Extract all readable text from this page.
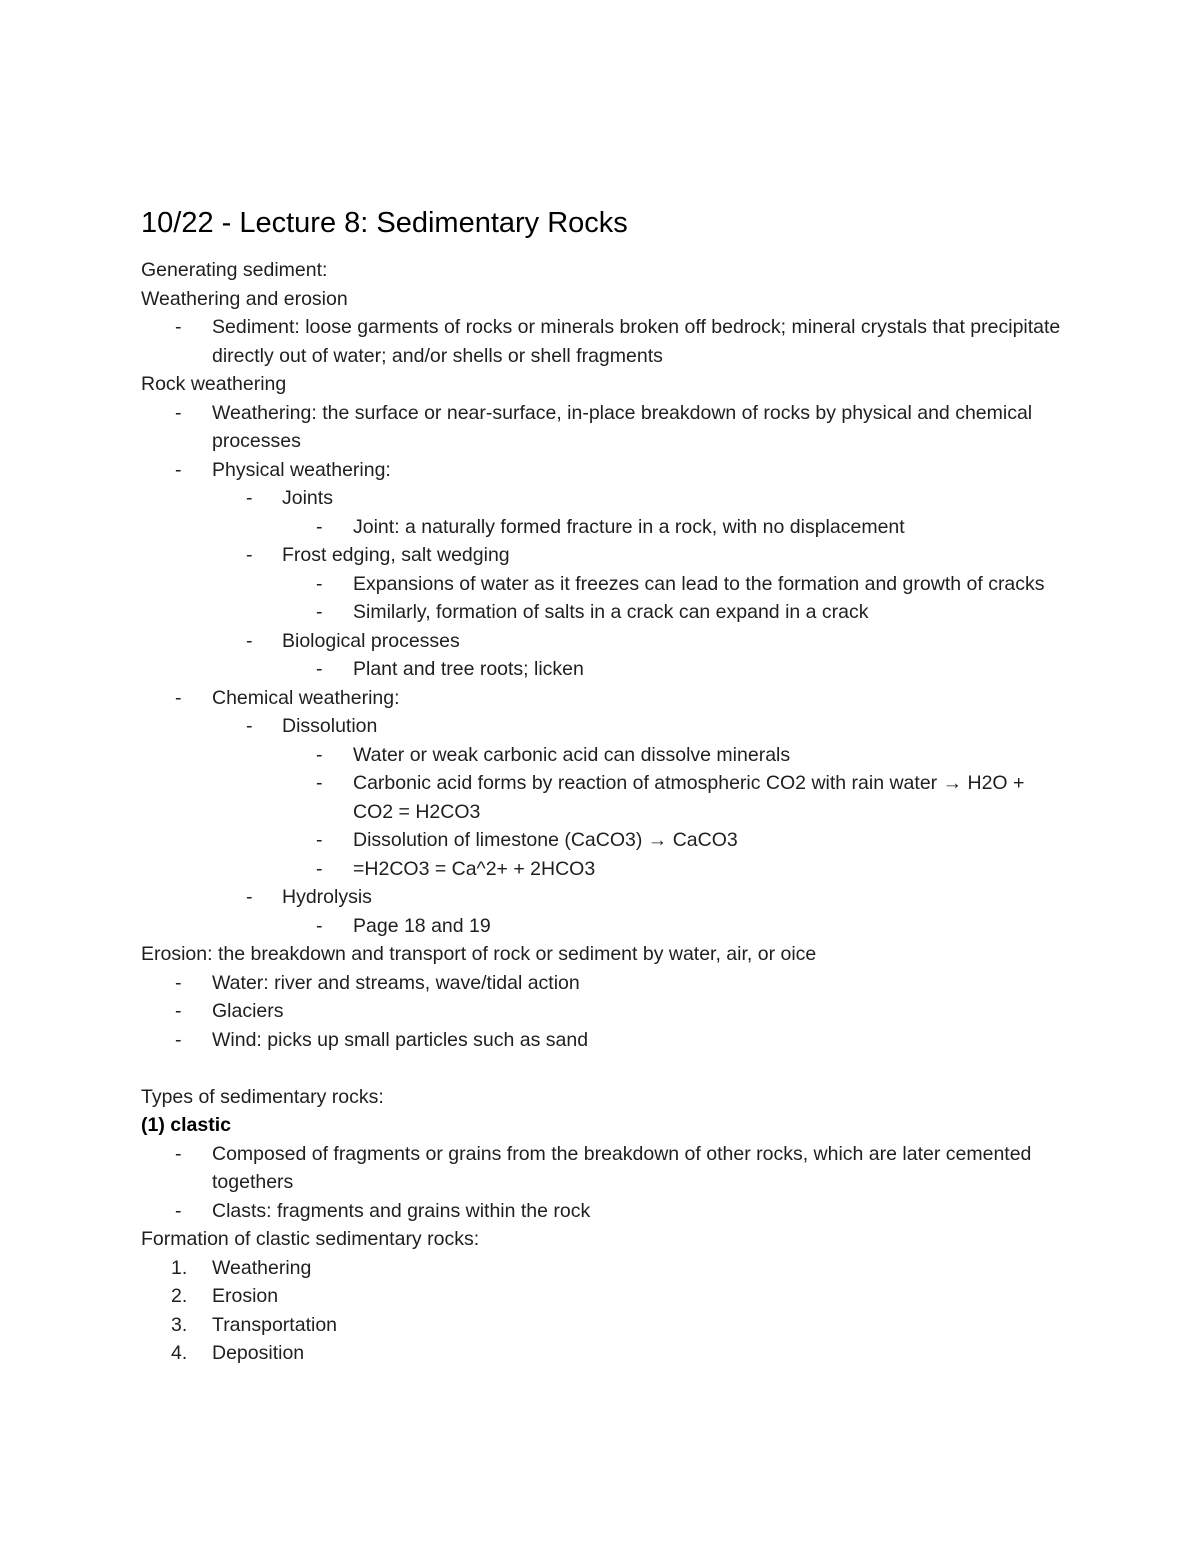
10/22 - Lecture 8: Sedimentary Rocks
Generating sediment:
Weathering and erosion
-	Sediment: loose garments of rocks or minerals broken off bedrock; mineral crystals that precipitate directly out of water; and/or shells or shell fragments
Rock weathering
-	Weathering: the surface or near-surface, in-place breakdown of rocks by physical and chemical processes
-	Physical weathering:
-	Joints
-	Joint: a naturally formed fracture in a rock, with no displacement
-	Frost edging, salt wedging
-	Expansions of water as it freezes can lead to the formation and growth of cracks
-	Similarly, formation of salts in a crack can expand in a crack
-	Biological processes
-	Plant and tree roots; licken
-	Chemical weathering:
-	Dissolution
-	Water or weak carbonic acid can dissolve minerals
-	Carbonic acid forms by reaction of atmospheric CO2 with rain water → H2O + CO2 = H2CO3
-	Dissolution of limestone (CaCO3) → CaCO3
-	=H2CO3 = Ca^2+ + 2HCO3
-	Hydrolysis
-	Page 18 and 19
Erosion: the breakdown and transport of rock or sediment by water, air, or oice
-	Water: river and streams, wave/tidal action
-	Glaciers
-	Wind: picks up small particles such as sand
Types of sedimentary rocks:
(1) clastic
-	Composed of fragments or grains from the breakdown of other rocks, which are later cemented togethers
-	Clasts: fragments and grains within the rock
Formation of clastic sedimentary rocks:
1.	Weathering
2.	Erosion
3.	Transportation
4.	Deposition
